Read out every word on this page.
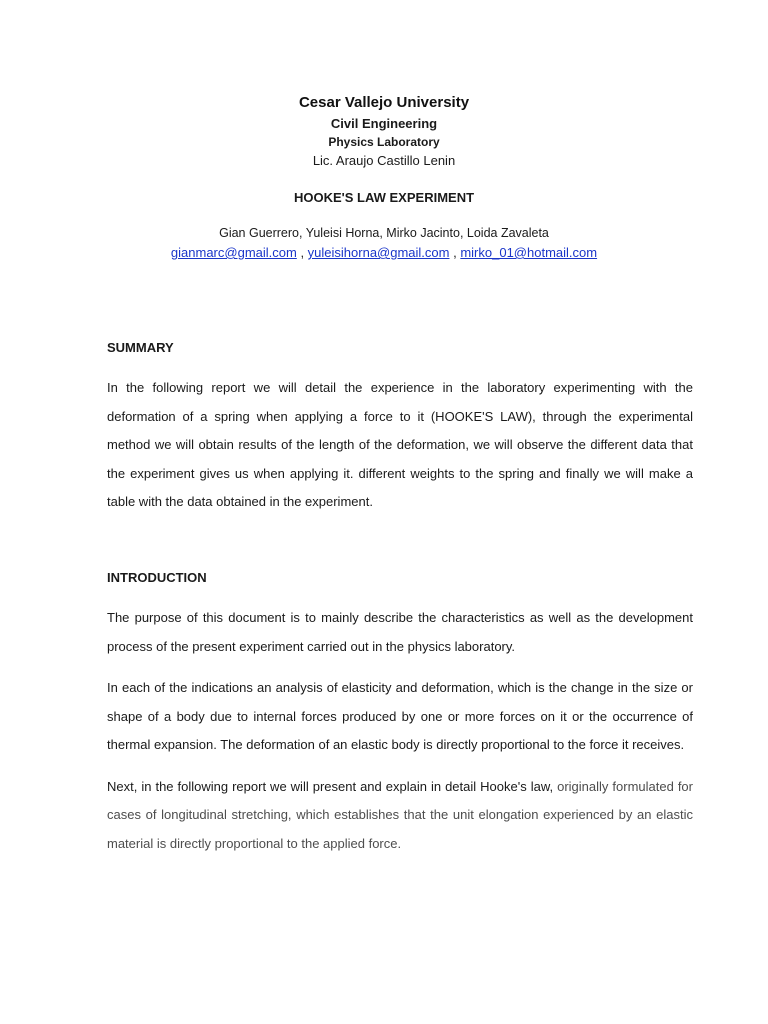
Cesar Vallejo University
Civil Engineering
Physics Laboratory
Lic. Araujo Castillo Lenin
HOOKE'S LAW EXPERIMENT
Gian Guerrero, Yuleisi Horna, Mirko Jacinto, Loida Zavaleta
gianmarc@gmail.com , yuleisihorna@gmail.com , mirko_01@hotmail.com
SUMMARY

In the following report we will detail the experience in the laboratory experimenting with the deformation of a spring when applying a force to it (HOOKE'S LAW), through the experimental method we will obtain results of the length of the deformation, we will observe the different data that the experiment gives us when applying it. different weights to the spring and finally we will make a table with the data obtained in the experiment.

INTRODUCTION

The purpose of this document is to mainly describe the characteristics as well as the development process of the present experiment carried out in the physics laboratory.

In each of the indications an analysis of elasticity and deformation, which is the change in the size or shape of a body due to internal forces produced by one or more forces on it or the occurrence of thermal expansion. The deformation of an elastic body is directly proportional to the force it receives.

Next, in the following report we will present and explain in detail Hooke's law, originally formulated for cases of longitudinal stretching, which establishes that the unit elongation experienced by an elastic material is directly proportional to the applied force.
